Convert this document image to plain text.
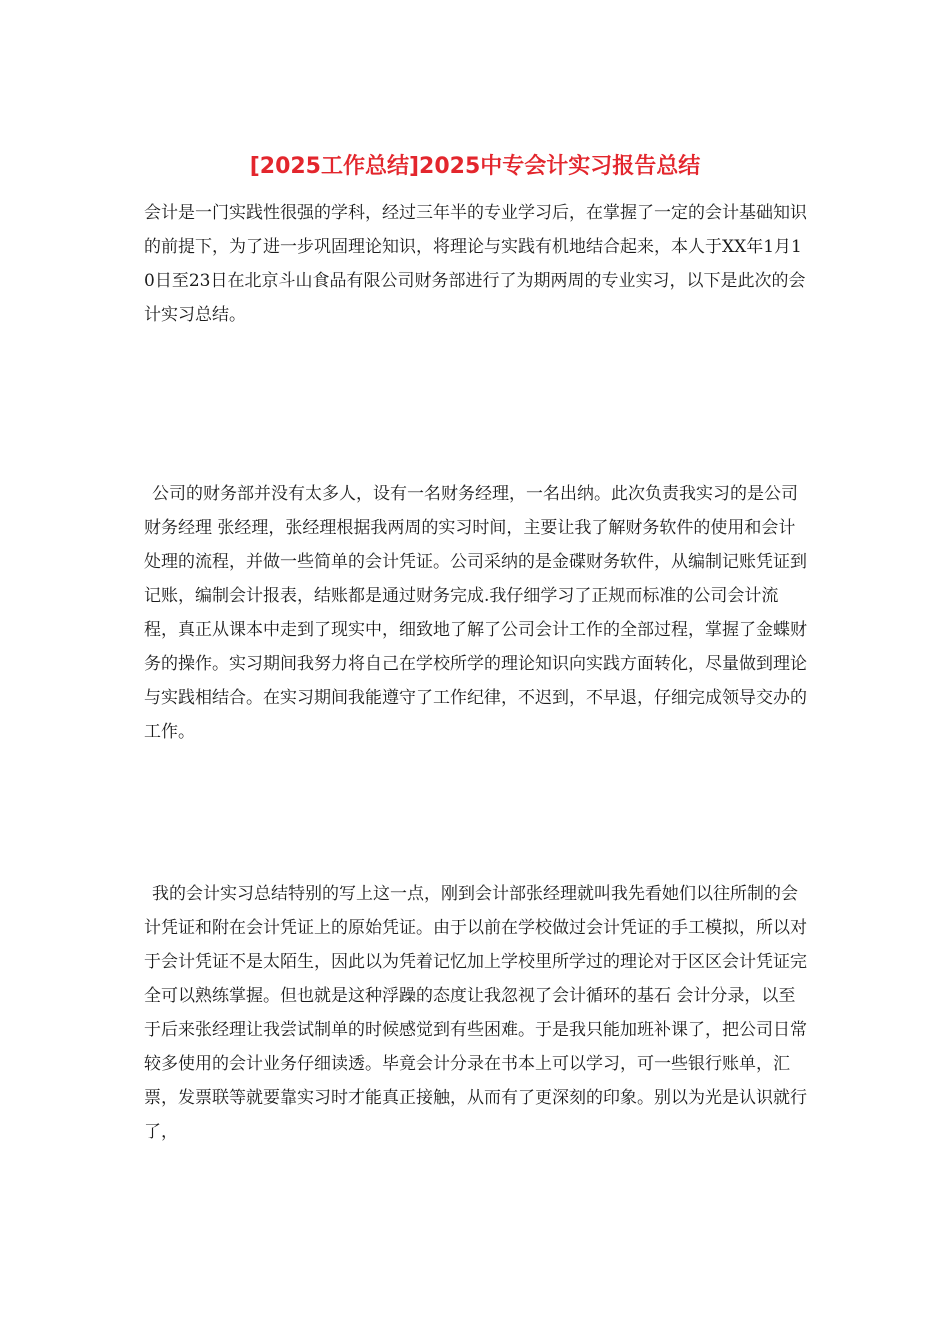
[2025工作总结]2025中专会计实习报告总结

会计是一门实践性很强的学科，经过三年半的专业学习后，在掌握了一定的会计基础知识的前提下，为了进一步巩固理论知识，将理论与实践有机地结合起来，本人于XX年1月10日至23日在北京斗山食品有限公司财务部进行了为期两周的专业实习，以下是此次的会计实习总结。

公司的财务部并没有太多人，设有一名财务经理，一名出纳。此次负责我实习的是公司财务经理 张经理，张经理根据我两周的实习时间，主要让我了解财务软件的使用和会计处理的流程，并做一些简单的会计凭证。公司采纳的是金碟财务软件，从编制记账凭证到记账，编制会计报表，结账都是通过财务完成.我仔细学习了正规而标准的公司会计流程，真正从课本中走到了现实中，细致地了解了公司会计工作的全部过程，掌握了金蝶财务的操作。实习期间我努力将自己在学校所学的理论知识向实践方面转化，尽量做到理论与实践相结合。在实习期间我能遵守了工作纪律，不迟到，不早退，仔细完成领导交办的工作。

我的会计实习总结特别的写上这一点，刚到会计部张经理就叫我先看她们以往所制的会计凭证和附在会计凭证上的原始凭证。由于以前在学校做过会计凭证的手工模拟，所以对于会计凭证不是太陌生，因此以为凭着记忆加上学校里所学过的理论对于区区会计凭证完全可以熟练掌握。但也就是这种浮躁的态度让我忽视了会计循环的基石 会计分录，以至于后来张经理让我尝试制单的时候感觉到有些困难。于是我只能加班补课了，把公司日常较多使用的会计业务仔细读透。毕竟会计分录在书本上可以学习，可一些银行账单，汇票，发票联等就要靠实习时才能真正接触，从而有了更深刻的印象。别以为光是认识就行了，
